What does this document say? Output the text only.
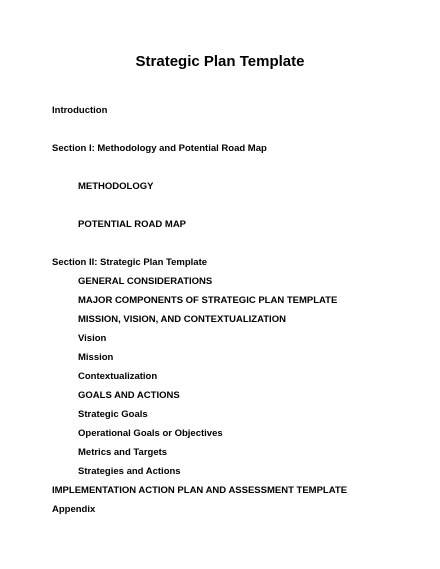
Strategic Plan Template
Introduction
Section I: Methodology and Potential Road Map
METHODOLOGY
POTENTIAL ROAD MAP
Section II: Strategic Plan Template
GENERAL CONSIDERATIONS
MAJOR COMPONENTS OF STRATEGIC PLAN TEMPLATE
MISSION, VISION, AND CONTEXTUALIZATION
Vision
Mission
Contextualization
GOALS AND ACTIONS
Strategic Goals
Operational Goals or Objectives
Metrics and Targets
Strategies and Actions
IMPLEMENTATION ACTION PLAN AND ASSESSMENT TEMPLATE
Appendix
